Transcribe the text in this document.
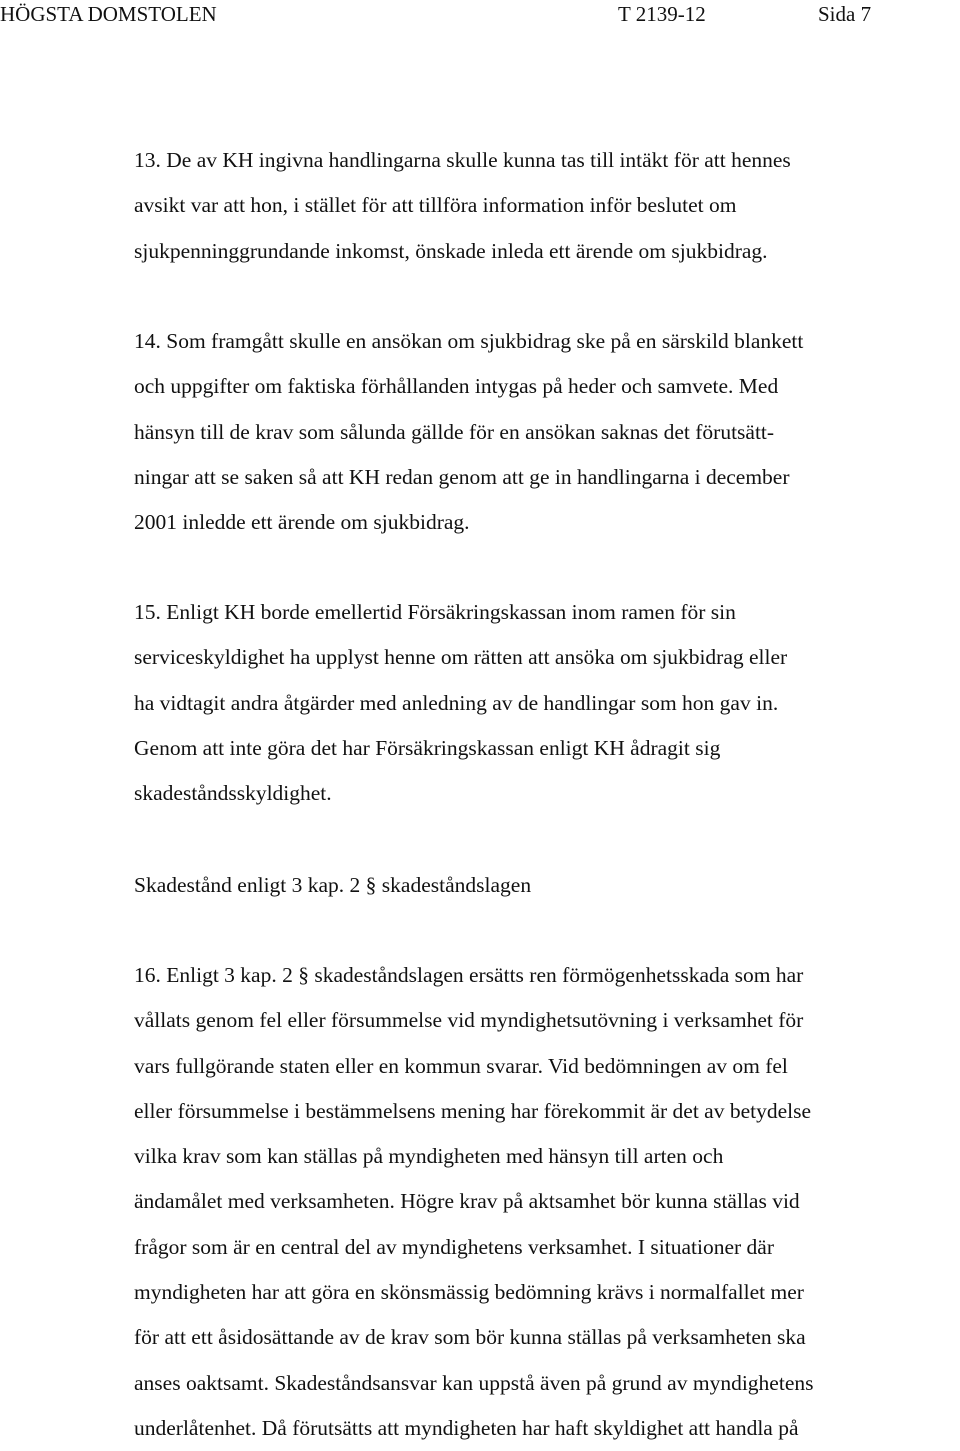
HÖGSTA DOMSTOLEN	T 2139-12	Sida 7
13. De av KH ingivna handlingarna skulle kunna tas till intäkt för att hennes
avsikt var att hon, i stället för att tillföra information inför beslutet om
sjukpenninggrundande inkomst, önskade inleda ett ärende om sjukbidrag.
14. Som framgått skulle en ansökan om sjukbidrag ske på en särskild blankett
och uppgifter om faktiska förhållanden intygas på heder och samvete. Med
hänsyn till de krav som sålunda gällde för en ansökan saknas det förutsätt-
ningar att se saken så att KH redan genom att ge in handlingarna i december
2001 inledde ett ärende om sjukbidrag.
15. Enligt KH borde emellertid Försäkringskassan inom ramen för sin
serviceskyldighet ha upplyst henne om rätten att ansöka om sjukbidrag eller
ha vidtagit andra åtgärder med anledning av de handlingar som hon gav in.
Genom att inte göra det har Försäkringskassan enligt KH ådragit sig
skadeståndsskyldighet.
Skadestånd enligt 3 kap. 2 § skadeståndslagen
16. Enligt 3 kap. 2 § skadeståndslagen ersätts ren förmögenhetsskada som har
vållats genom fel eller försummelse vid myndighetsutövning i verksamhet för
vars fullgörande staten eller en kommun svarar. Vid bedömningen av om fel
eller försummelse i bestämmelsens mening har förekommit är det av betydelse
vilka krav som kan ställas på myndigheten med hänsyn till arten och
ändamålet med verksamheten. Högre krav på aktsamhet bör kunna ställas vid
frågor som är en central del av myndighetens verksamhet. I situationer där
myndigheten har att göra en skönsmässig bedömning krävs i normalfallet mer
för att ett åsidosättande av de krav som bör kunna ställas på verksamheten ska
anses oaktsamt. Skadeståndsansvar kan uppstå även på grund av myndighetens
underlåtenhet. Då förutsätts att myndigheten har haft skyldighet att handla på
